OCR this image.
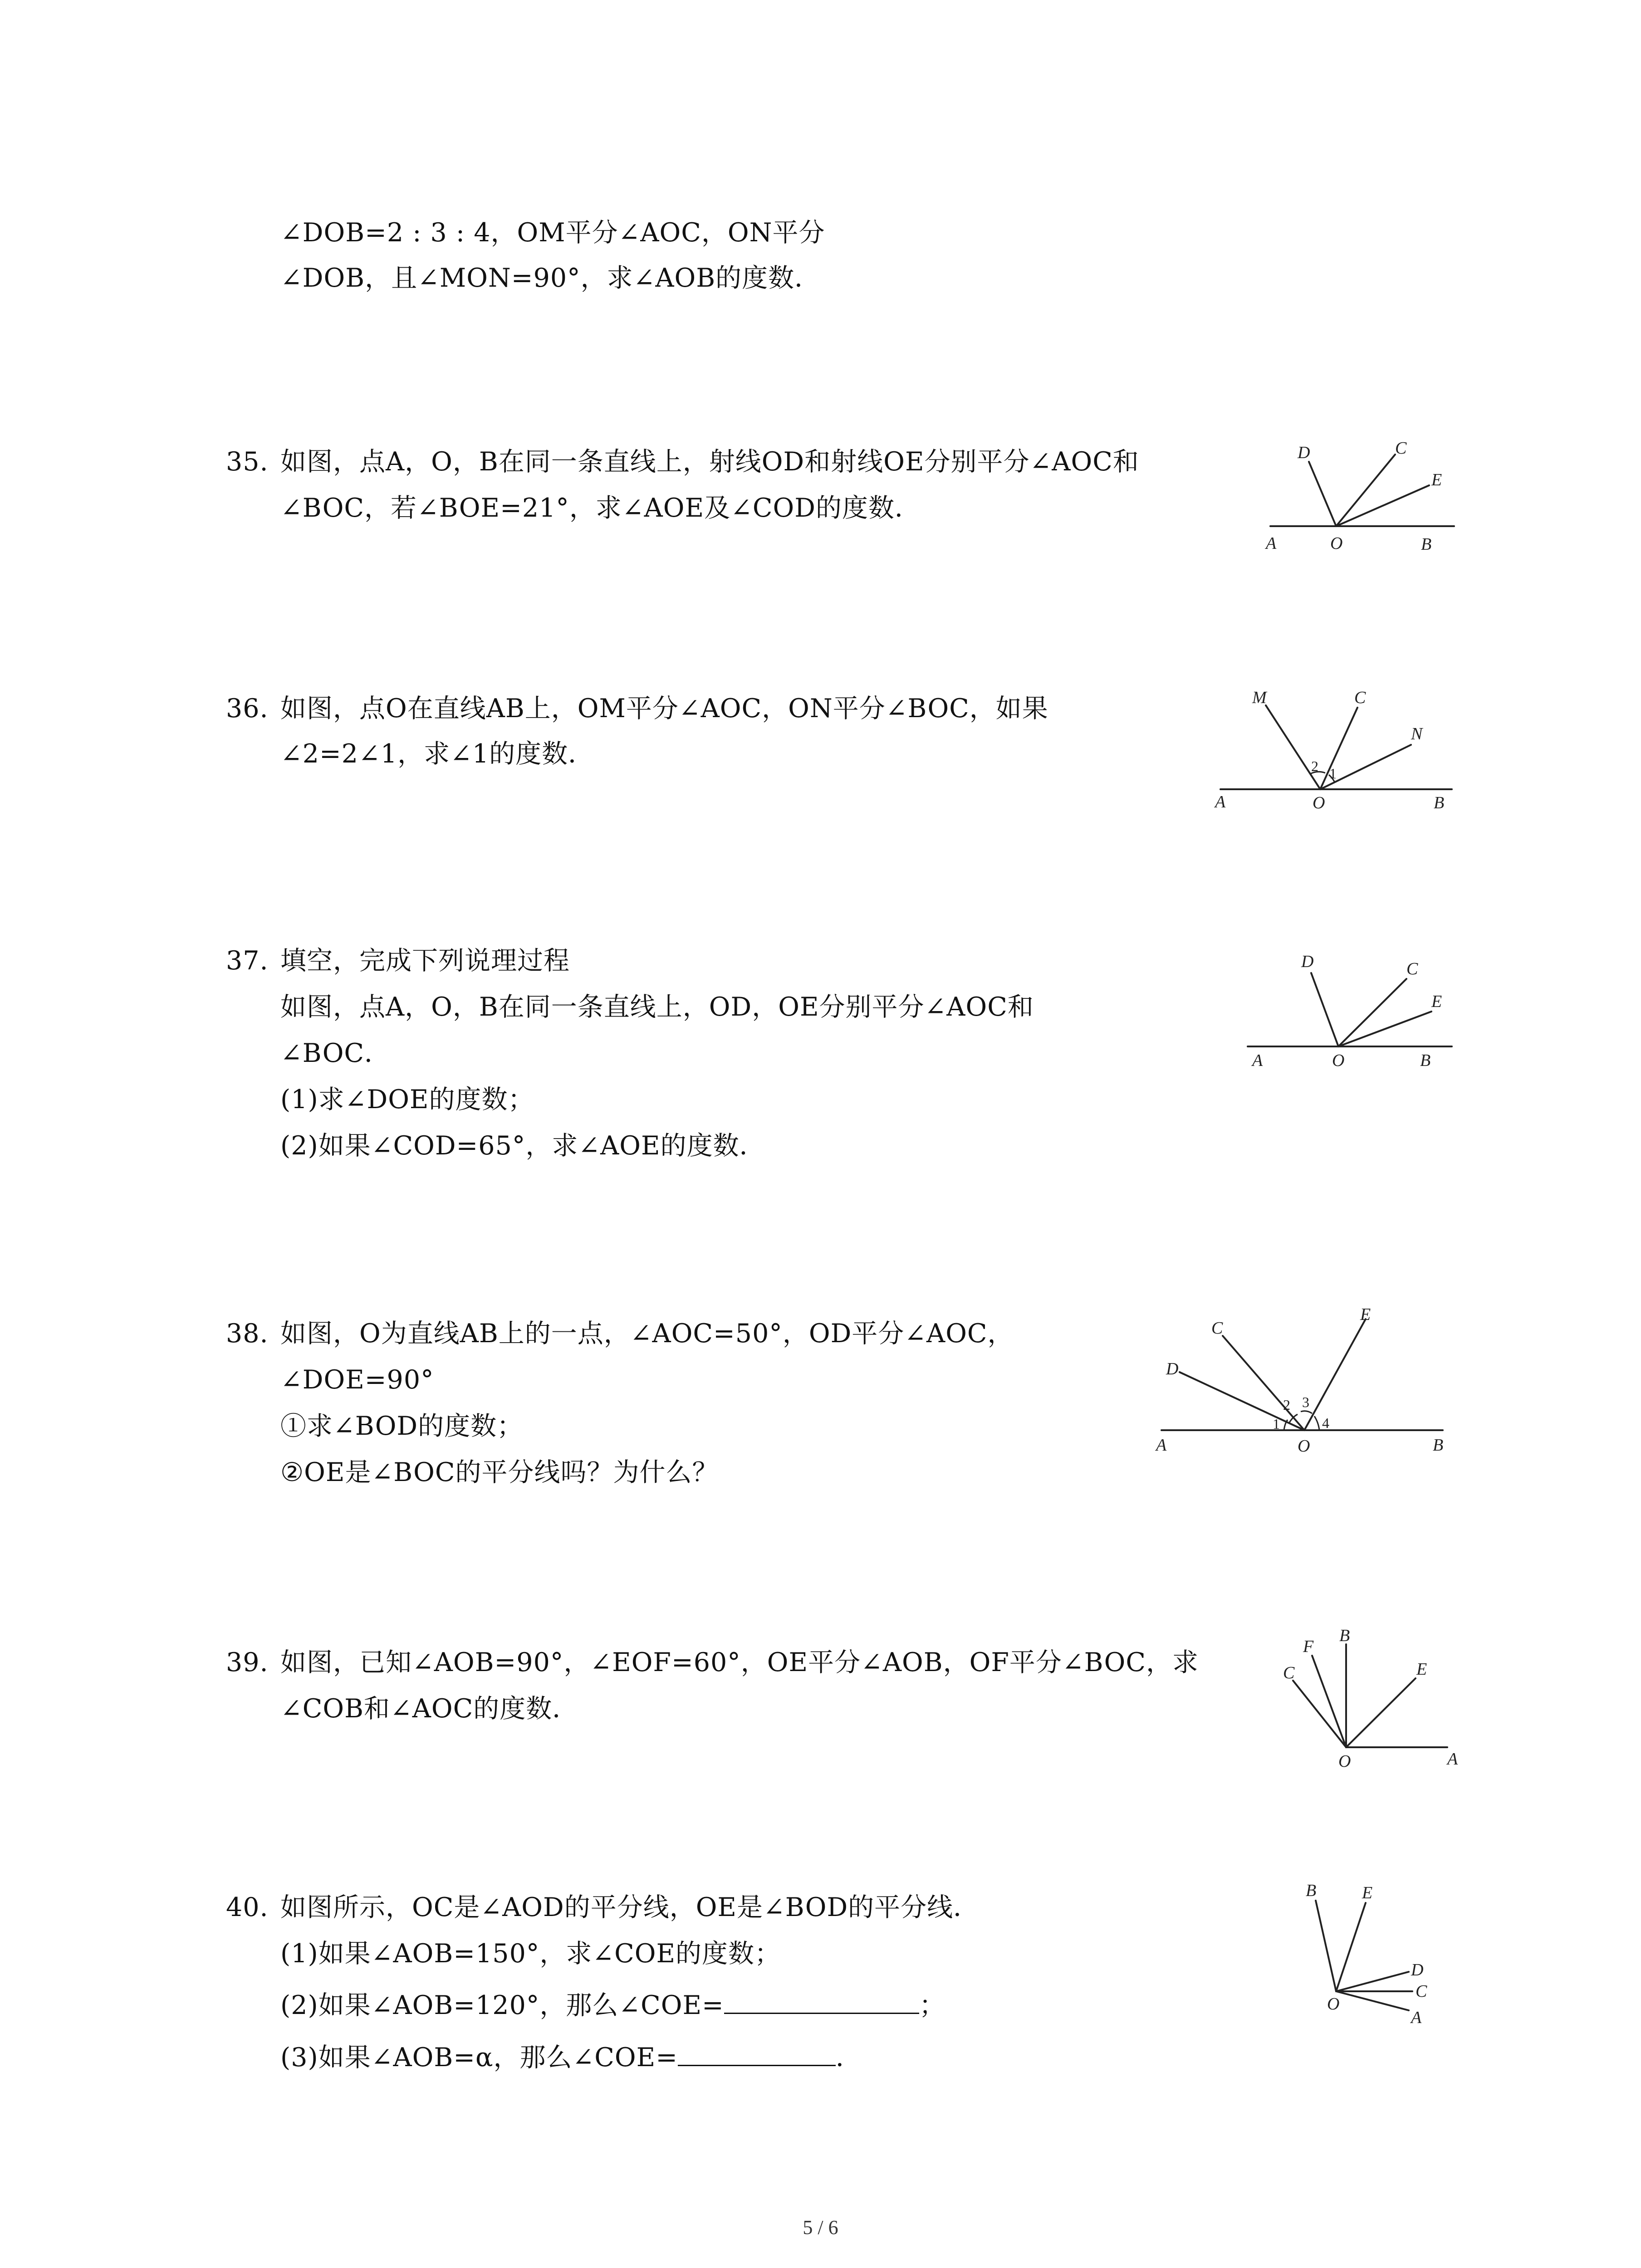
∠DOB=2 : 3 : 4，OM平分∠AOC，ON平分
∠DOB，且∠MON=90°，求∠AOB的度数．
35. 如图，点A，O，B在同一条直线上，射线OD和射线OE分别平分∠AOC和
∠BOC，若∠BOE=21°，求∠AOE及∠COD的度数．
A	O	B
D	C
E
36. 如图，点O在直线AB上，OM平分∠AOC，ON平分∠BOC，如果
∠2=2∠1，求∠1的度数．
A	O	B
M	C
N
2 1
37. 填空，完成下列说理过程
如图，点A，O，B在同一条直线上，OD，OE分别平分∠AOC和
∠BOC．
(1)求∠DOE的度数；
(2)如果∠COD=65°，求∠AOE的度数．
A	O	B
D	C
E
38. 如图，O为直线AB上的一点，∠AOC=50°，OD平分∠AOC，
∠DOE=90°
①求∠BOD的度数；
②OE是∠BOC的平分线吗？为什么？
A	O	B
C
D
E
1
2 3
4
39. 如图，已知∠AOB=90°，∠EOF=60°，OE平分∠AOB，OF平分∠BOC，求
∠COB和∠AOC的度数．
O	A
B
F
C	E
40. 如图所示，OC是∠AOD的平分线，OE是∠BOD的平分线．
(1)如果∠AOB=150°，求∠COE的度数；
(2)如果∠AOB=120°，那么∠COE=	；
(3)如果∠AOB=α，那么∠COE=	．
O
B	E
D
C
A
5 / 6
